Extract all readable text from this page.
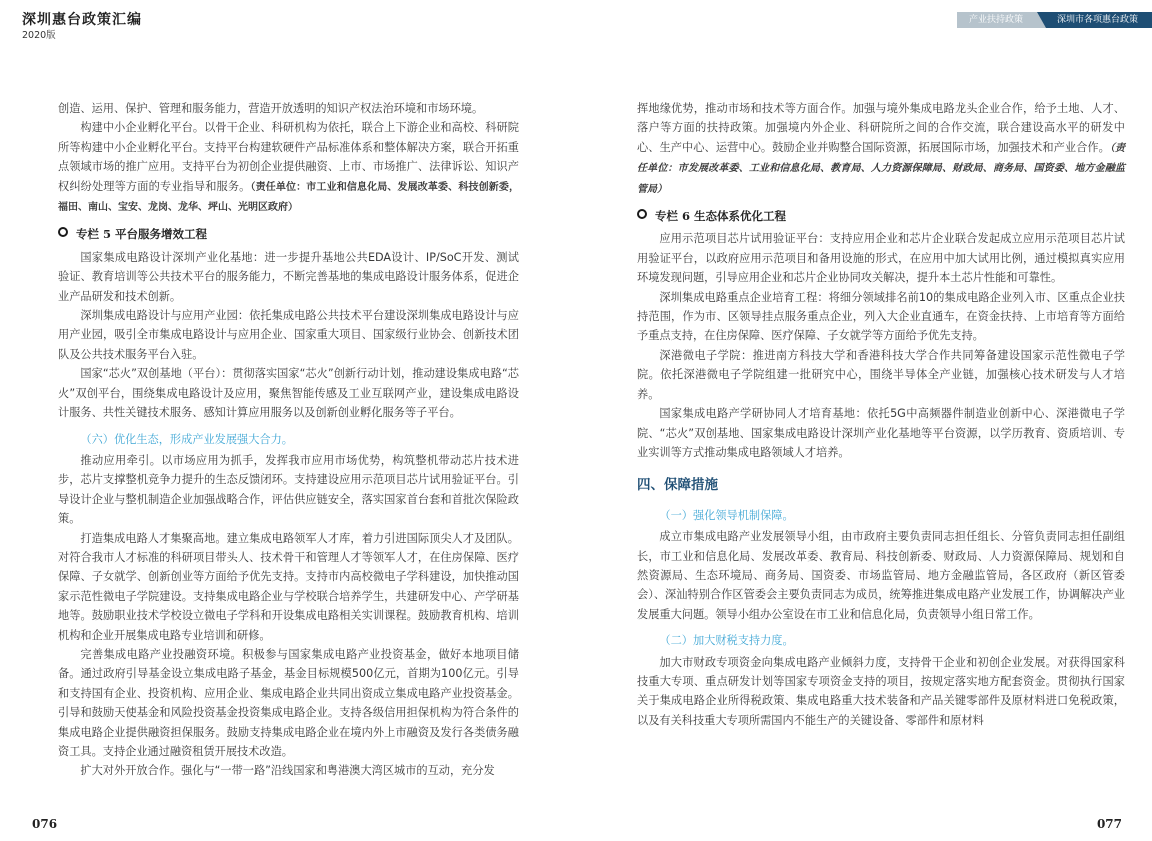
深圳惠台政策汇编
2020版
产业扶持政策	深圳市各项惠台政策

创造、运用、保护、管理和服务能力，营造开放透明的知识产权法治环境和市场环境。

构建中小企业孵化平台。以骨干企业、科研机构为依托，联合上下游企业和高校、科研院所等构建中小企业孵化平台。支持平台构建软硬件产品标准体系和整体解决方案，联合开拓重点领域市场的推广应用。支持平台为初创企业提供融资、上市、市场推广、法律诉讼、知识产权纠纷处理等方面的专业指导和服务。（责任单位：市工业和信息化局、发展改革委、科技创新委，福田、南山、宝安、龙岗、龙华、坪山、光明区政府）

专栏 5 平台服务增效工程

国家集成电路设计深圳产业化基地：进一步提升基地公共EDA设计、IP/SoC开发、测试验证、教育培训等公共技术平台的服务能力，不断完善基地的集成电路设计服务体系，促进企业产品研发和技术创新。

深圳集成电路设计与应用产业园：依托集成电路公共技术平台建设深圳集成电路设计与应用产业园，吸引全市集成电路设计与应用企业、国家重大项目、国家级行业协会、创新技术团队及公共技术服务平台入驻。

国家“芯火”双创基地（平台）：贯彻落实国家“芯火”创新行动计划，推动建设集成电路“芯火”双创平台，围绕集成电路设计及应用，聚焦智能传感及工业互联网产业，建设集成电路设计服务、共性关键技术服务、感知计算应用服务以及创新创业孵化服务等子平台。

（六）优化生态，形成产业发展强大合力。

推动应用牵引。以市场应用为抓手，发挥我市应用市场优势，构筑整机带动芯片技术进步，芯片支撑整机竞争力提升的生态反馈闭环。支持建设应用示范项目芯片试用验证平台。引导设计企业与整机制造企业加强战略合作，评估供应链安全，落实国家首台套和首批次保险政策。

打造集成电路人才集聚高地。建立集成电路领军人才库，着力引进国际顶尖人才及团队。对符合我市人才标准的科研项目带头人、技术骨干和管理人才等领军人才，在住房保障、医疗保障、子女就学、创新创业等方面给予优先支持。支持市内高校微电子学科建设，加快推动国家示范性微电子学院建设。支持集成电路企业与学校联合培养学生，共建研发中心、产学研基地等。鼓励职业技术学校设立微电子学科和开设集成电路相关实训课程。鼓励教育机构、培训机构和企业开展集成电路专业培训和研修。

完善集成电路产业投融资环境。积极参与国家集成电路产业投资基金，做好本地项目储备。通过政府引导基金设立集成电路子基金，基金目标规模500亿元，首期为100亿元。引导和支持国有企业、投资机构、应用企业、集成电路企业共同出资成立集成电路产业投资基金。引导和鼓励天使基金和风险投资基金投资集成电路企业。支持各级信用担保机构为符合条件的集成电路企业提供融资担保服务。鼓励支持集成电路企业在境内外上市融资及发行各类债务融资工具。支持企业通过融资租赁开展技术改造。

扩大对外开放合作。强化与“一带一路”沿线国家和粤港澳大湾区城市的互动，充分发

挥地缘优势，推动市场和技术等方面合作。加强与境外集成电路龙头企业合作，给予土地、人才、落户等方面的扶持政策。加强境内外企业、科研院所之间的合作交流，联合建设高水平的研发中心、生产中心、运营中心。鼓励企业并购整合国际资源，拓展国际市场，加强技术和产业合作。（责任单位：市发展改革委、工业和信息化局、教育局、人力资源保障局、财政局、商务局、国资委、地方金融监管局）

专栏 6 生态体系优化工程

应用示范项目芯片试用验证平台：支持应用企业和芯片企业联合发起成立应用示范项目芯片试用验证平台，以政府应用示范项目和备用设施的形式，在应用中加大试用比例，通过模拟真实应用环境发现问题，引导应用企业和芯片企业协同攻关解决，提升本土芯片性能和可靠性。

深圳集成电路重点企业培育工程：将细分领域排名前10的集成电路企业列入市、区重点企业扶持范围，作为市、区领导挂点服务重点企业，列入大企业直通车，在资金扶持、上市培育等方面给予重点支持，在住房保障、医疗保障、子女就学等方面给予优先支持。

深港微电子学院：推进南方科技大学和香港科技大学合作共同筹备建设国家示范性微电子学院。依托深港微电子学院组建一批研究中心，围绕半导体全产业链，加强核心技术研发与人才培养。

国家集成电路产学研协同人才培育基地：依托5G中高频器件制造业创新中心、深港微电子学院、“芯火”双创基地、国家集成电路设计深圳产业化基地等平台资源，以学历教育、资质培训、专业实训等方式推动集成电路领域人才培养。

四、保障措施

（一）强化领导机制保障。

成立市集成电路产业发展领导小组，由市政府主要负责同志担任组长、分管负责同志担任副组长，市工业和信息化局、发展改革委、教育局、科技创新委、财政局、人力资源保障局、规划和自然资源局、生态环境局、商务局、国资委、市场监管局、地方金融监管局，各区政府（新区管委会）、深汕特别合作区管委会主要负责同志为成员，统筹推进集成电路产业发展工作，协调解决产业发展重大问题。领导小组办公室设在市工业和信息化局，负责领导小组日常工作。

（二）加大财税支持力度。

加大市财政专项资金向集成电路产业倾斜力度，支持骨干企业和初创企业发展。对获得国家科技重大专项、重点研发计划等国家专项资金支持的项目，按规定落实地方配套资金。贯彻执行国家关于集成电路企业所得税政策、集成电路重大技术装备和产品关键零部件及原材料进口免税政策，以及有关科技重大专项所需国内不能生产的关键设备、零部件和原材料

076	077
